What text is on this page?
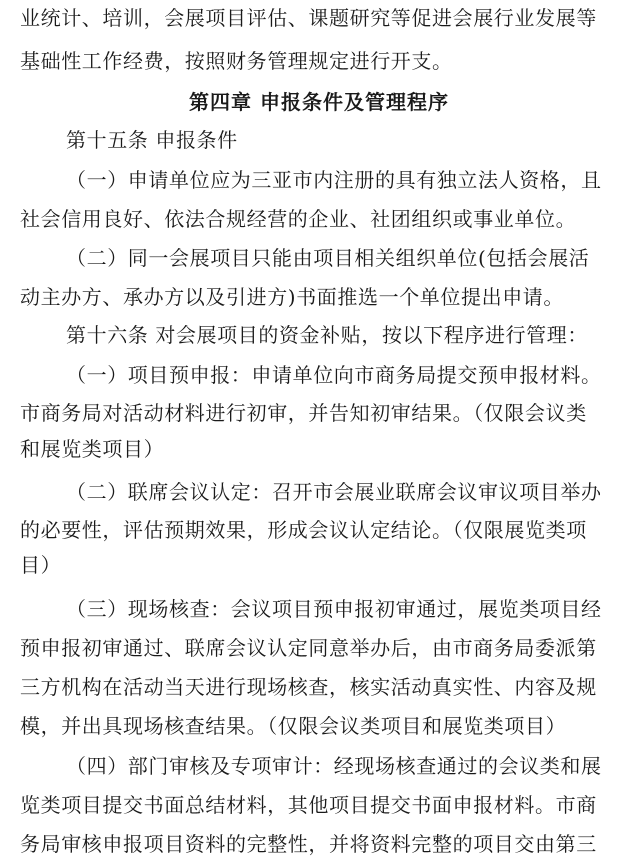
业统计、培训，会展项目评估、课题研究等促进会展行业发展等
基础性工作经费，按照财务管理规定进行开支。
第四章 申报条件及管理程序
第十五条 申报条件
（一）申请单位应为三亚市内注册的具有独立法人资格，且
社会信用良好、依法合规经营的企业、社团组织或事业单位。
（二）同一会展项目只能由项目相关组织单位(包括会展活
动主办方、承办方以及引进方)书面推选一个单位提出申请。
第十六条 对会展项目的资金补贴，按以下程序进行管理：
（一）项目预申报：申请单位向市商务局提交预申报材料。
市商务局对活动材料进行初审，并告知初审结果。（仅限会议类
和展览类项目）
（二）联席会议认定：召开市会展业联席会议审议项目举办
的必要性，评估预期效果，形成会议认定结论。（仅限展览类项
目）
（三）现场核查：会议项目预申报初审通过，展览类项目经
预申报初审通过、联席会议认定同意举办后，由市商务局委派第
三方机构在活动当天进行现场核查，核实活动真实性、内容及规
模，并出具现场核查结果。（仅限会议类项目和展览类项目）
（四）部门审核及专项审计：经现场核查通过的会议类和展
览类项目提交书面总结材料，其他项目提交书面申报材料。市商
务局审核申报项目资料的完整性，并将资料完整的项目交由第三
